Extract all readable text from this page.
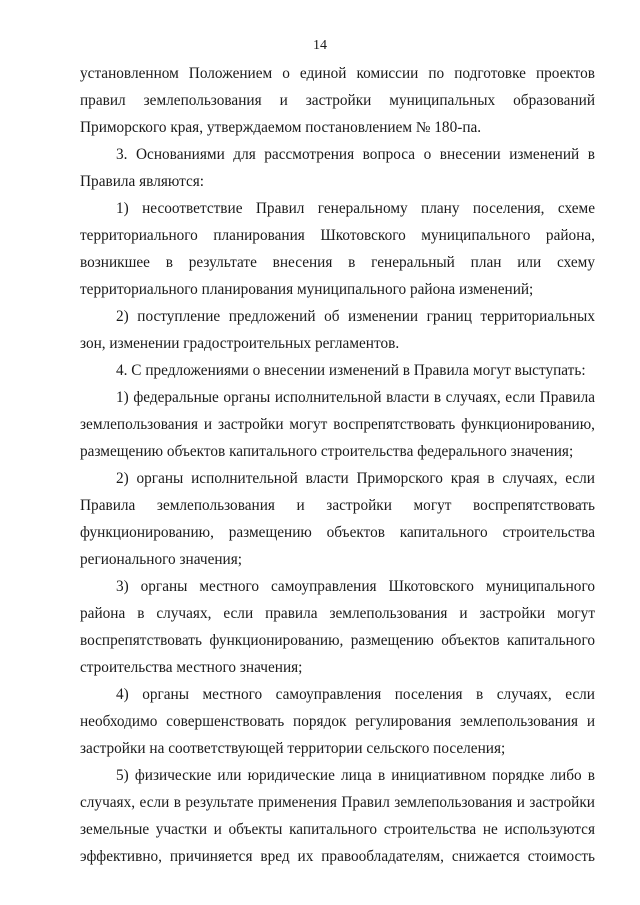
14

установленном Положением о единой комиссии по подготовке проектов правил землепользования и застройки муниципальных образований Приморского края, утверждаемом постановлением № 180-па.

3. Основаниями для рассмотрения вопроса о внесении изменений в Правила являются:

1) несоответствие Правил генеральному плану поселения, схеме территориального планирования Шкотовского муниципального района, возникшее в результате внесения в генеральный план или схему территориального планирования муниципального района изменений;

2) поступление предложений об изменении границ территориальных зон, изменении градостроительных регламентов.

4. С предложениями о внесении изменений в Правила могут выступать:

1) федеральные органы исполнительной власти в случаях, если Правила землепользования и застройки могут воспрепятствовать функционированию, размещению объектов капитального строительства федерального значения;

2) органы исполнительной власти Приморского края в случаях, если Правила землепользования и застройки могут воспрепятствовать функционированию, размещению объектов капитального строительства регионального значения;

3) органы местного самоуправления Шкотовского муниципального района в случаях, если правила землепользования и застройки могут воспрепятствовать функционированию, размещению объектов капитального строительства местного значения;

4) органы местного самоуправления поселения в случаях, если необходимо совершенствовать порядок регулирования землепользования и застройки на соответствующей территории сельского поселения;

5) физические или юридические лица в инициативном порядке либо в случаях, если в результате применения Правил землепользования и застройки земельные участки и объекты капитального строительства не используются эффективно, причиняется вред их правообладателям, снижается стоимость
